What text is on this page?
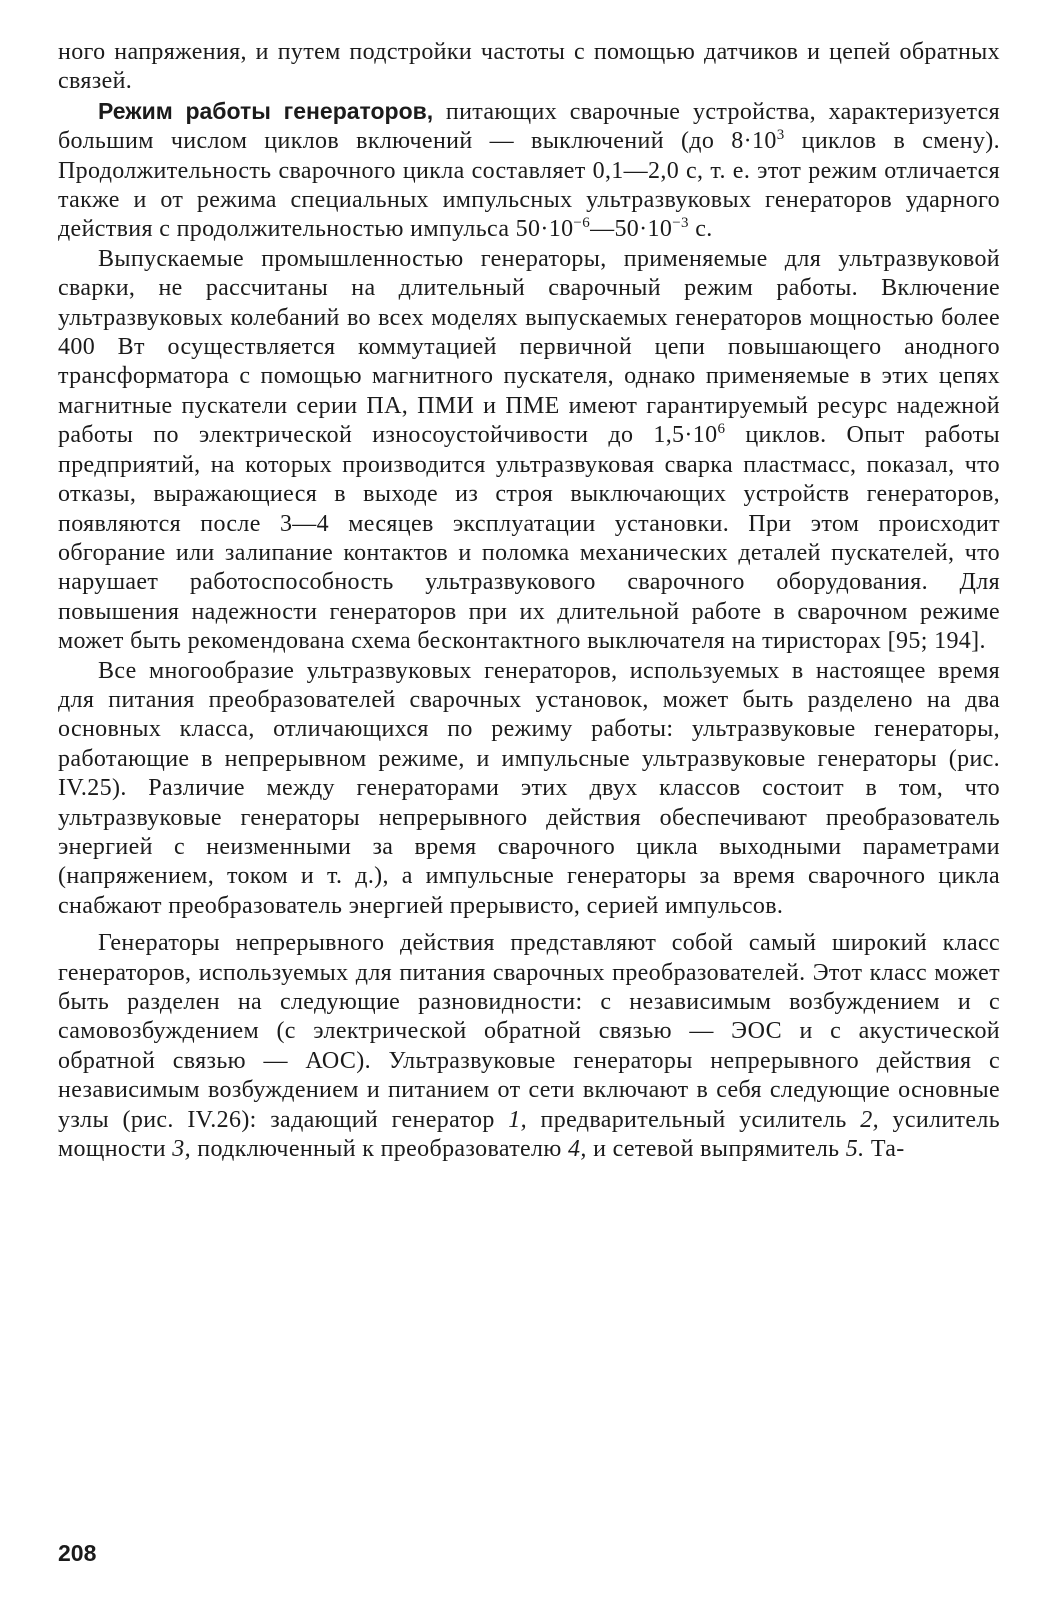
ного напряжения, и путем подстройки частоты с помощью датчиков и цепей обратных связей.

Режим работы генераторов, питающих сварочные устройства, характеризуется большим числом циклов включений — выключений (до $8\cdot 10^3$ циклов в смену). Продолжительность сварочного цикла составляет 0,1—2,0 с, т. е. этот режим отличается также и от режима специальных импульсных ультразвуковых генераторов ударного действия с продолжительностью импульса $50\cdot 10^{-6}—50\cdot 10^{-3}$ с.

Выпускаемые промышленностью генераторы, применяемые для ультразвуковой сварки, не рассчитаны на длительный сварочный режим работы. Включение ультразвуковых колебаний во всех моделях выпускаемых генераторов мощностью более 400 Вт осуществляется коммутацией первичной цепи повышающего анодного трансформатора с помощью магнитного пускателя, однако применяемые в этих цепях магнитные пускатели серии ПА, ПМИ и ПМЕ имеют гарантируемый ресурс надежной работы по электрической износоустойчивости до $1,5\cdot 10^6$ циклов. Опыт работы предприятий, на которых производится ультразвуковая сварка пластмасс, показал, что отказы, выражающиеся в выходе из строя выключающих устройств генераторов, появляются после 3—4 месяцев эксплуатации установки. При этом происходит обгорание или залипание контактов и поломка механических деталей пускателей, что нарушает работоспособность ультразвукового сварочного оборудования. Для повышения надежности генераторов при их длительной работе в сварочном режиме может быть рекомендована схема бесконтактного выключателя на тиристорах [95; 194].

Все многообразие ультразвуковых генераторов, используемых в настоящее время для питания преобразователей сварочных установок, может быть разделено на два основных класса, отличающихся по режиму работы: ультразвуковые генераторы, работающие в непрерывном режиме, и импульсные ультразвуковые генераторы (рис. IV.25). Различие между генераторами этих двух классов состоит в том, что ультразвуковые генераторы непрерывного действия обеспечивают преобразователь энергией с неизменными за время сварочного цикла выходными параметрами (напряжением, током и т. д.), а импульсные генераторы за время сварочного цикла снабжают преобразователь энергией прерывисто, серией импульсов.

Генераторы непрерывного действия представляют собой самый широкий класс генераторов, используемых для питания сварочных преобразователей. Этот класс может быть разделен на следующие разновидности: с независимым возбуждением и с самовозбуждением (с электрической обратной связью — ЭОС и с акустической обратной связью — АОС). Ультразвуковые генераторы непрерывного действия с независимым возбуждением и питанием от сети включают в себя следующие основные узлы (рис. IV.26): задающий генератор 1, предварительный усилитель 2, усилитель мощности 3, подключенный к преобразователю 4, и сетевой выпрямитель 5. Та-

208
